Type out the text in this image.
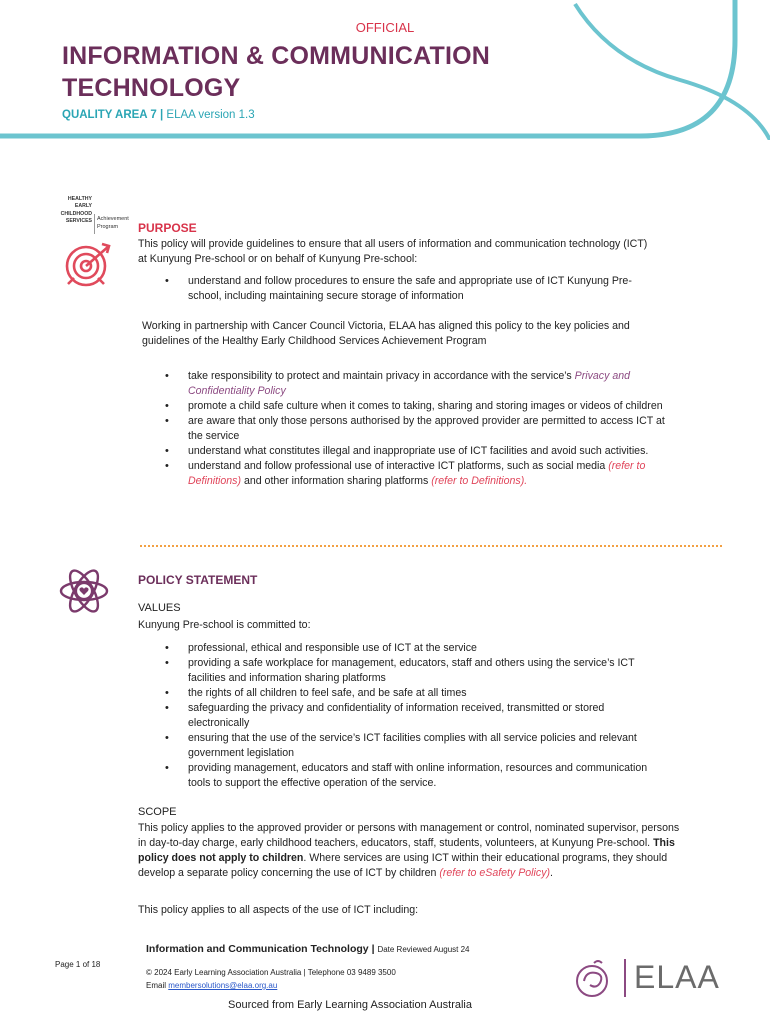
OFFICIAL
INFORMATION & COMMUNICATION
TECHNOLOGY
QUALITY AREA 7 | ELAA version 1.3
HEALTHY
EARLY
CHILDHOOD
SERVICES Achievement
Program	PURPOSE

This policy will provide guidelines to ensure that all users of information and communication technology (ICT) at Kunyung Pre-school or on behalf of Kunyung Pre-school:

• understand and follow procedures to ensure the safe and appropriate use of ICT Kunyung Pre-school, including maintaining secure storage of information

Working in partnership with Cancer Council Victoria, ELAA has aligned this policy to the key policies and guidelines of the Healthy Early Childhood Services Achievement Program

• take responsibility to protect and maintain privacy in accordance with the service’s Privacy and Confidentiality Policy
• promote a child safe culture when it comes to taking, sharing and storing images or videos of children
• are aware that only those persons authorised by the approved provider are permitted to access ICT at the service
• understand what constitutes illegal and inappropriate use of ICT facilities and avoid such activities.
• understand and follow professional use of interactive ICT platforms, such as social media (refer to Definitions) and other information sharing platforms (refer to Definitions).
POLICY STATEMENT

VALUES

Kunyung Pre-school is committed to:

• professional, ethical and responsible use of ICT at the service
• providing a safe workplace for management, educators, staff and others using the service’s ICT facilities and information sharing platforms
• the rights of all children to feel safe, and be safe at all times
• safeguarding the privacy and confidentiality of information received, transmitted or stored electronically
• ensuring that the use of the service’s ICT facilities complies with all service policies and relevant government legislation
• providing management, educators and staff with online information, resources and communication tools to support the effective operation of the service.

SCOPE

This policy applies to the approved provider or persons with management or control, nominated supervisor, persons in day-to-day charge, early childhood teachers, educators, staff, students, volunteers, at Kunyung Pre-school. This policy does not apply to children. Where services are using ICT within their educational programs, they should develop a separate policy concerning the use of ICT by children (refer to eSafety Policy).

This policy applies to all aspects of the use of ICT including:

Information and Communication Technology | Date Reviewed August 24
Page 1 of 18
© 2024 Early Learning Association Australia | Telephone 03 9489 3500
Email membersolutions@elaa.org.au	ELAA
Sourced from Early Learning Association Australia
